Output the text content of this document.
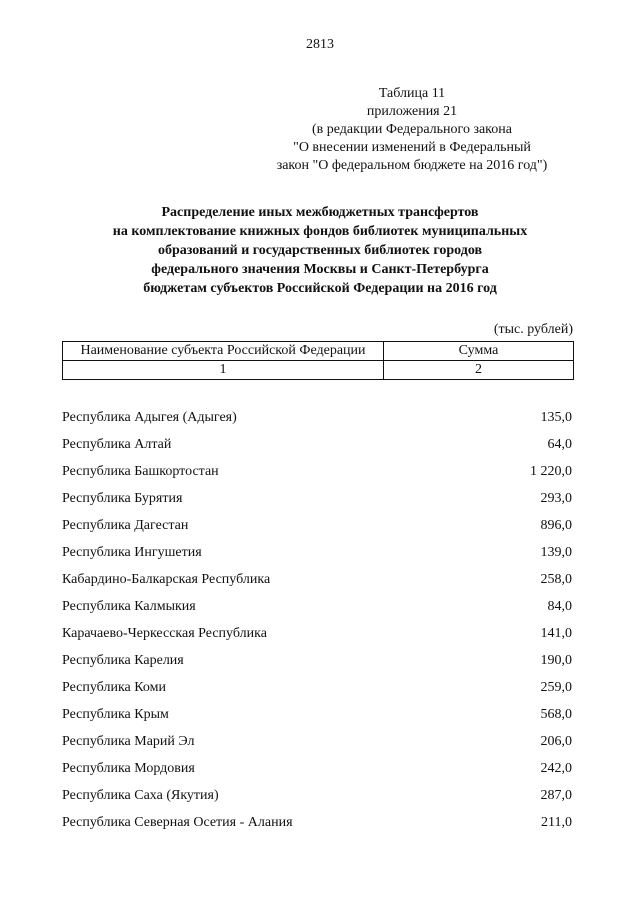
2813
Таблица 11
приложения 21
(в редакции Федерального закона
"О внесении изменений в Федеральный
закон "О федеральном бюджете на 2016 год")
Распределение иных межбюджетных трансфертов
на комплектование книжных фондов библиотек муниципальных
образований и государственных библиотек городов
федерального значения Москвы и Санкт-Петербурга
бюджетам субъектов Российской Федерации на 2016 год
(тыс. рублей)
Наименование субъекта Российской Федерации	Сумма
1	2
Республика Адыгея (Адыгея)	135,0
Республика Алтай	64,0
Республика Башкортостан	1 220,0
Республика Бурятия	293,0
Республика Дагестан	896,0
Республика Ингушетия	139,0
Кабардино-Балкарская Республика	258,0
Республика Калмыкия	84,0
Карачаево-Черкесская Республика	141,0
Республика Карелия	190,0
Республика Коми	259,0
Республика Крым	568,0
Республика Марий Эл	206,0
Республика Мордовия	242,0
Республика Саха (Якутия)	287,0
Республика Северная Осетия - Алания	211,0
